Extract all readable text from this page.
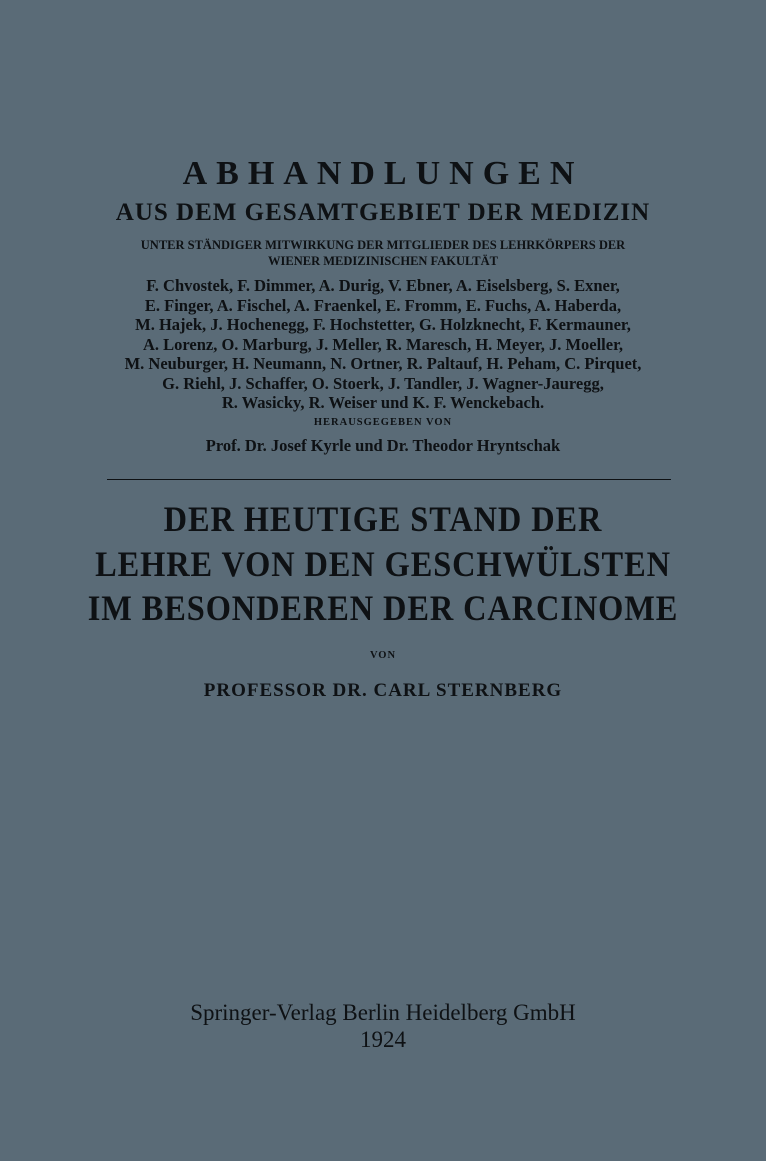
ABHANDLUNGEN
AUS DEM GESAMTGEBIET DER MEDIZIN
UNTER STÄNDIGER MITWIRKUNG DER MITGLIEDER DES LEHRKÖRPERS DER
WIENER MEDIZINISCHEN FAKULTÄT
F. Chvostek, F. Dimmer, A. Durig, V. Ebner, A. Eiselsberg, S. Exner,
E. Finger, A. Fischel, A. Fraenkel, E. Fromm, E. Fuchs, A. Haberda,
M. Hajek, J. Hochenegg, F. Hochstetter, G. Holzknecht, F. Kermauner,
A. Lorenz, O. Marburg, J. Meller, R. Maresch, H. Meyer, J. Moeller,
M. Neuburger, H. Neumann, N. Ortner, R. Paltauf, H. Peham, C. Pirquet,
G. Riehl, J. Schaffer, O. Stoerk, J. Tandler, J. Wagner-Jauregg,
R. Wasicky, R. Weiser und K. F. Wenckebach.
HERAUSGEGEBEN VON
Prof. Dr. Josef Kyrle und Dr. Theodor Hryntschak
DER HEUTIGE STAND DER
LEHRE VON DEN GESCHWÜLSTEN
IM BESONDEREN DER CARCINOME
VON
PROFESSOR DR. CARL STERNBERG
Springer-Verlag Berlin Heidelberg GmbH
1924
